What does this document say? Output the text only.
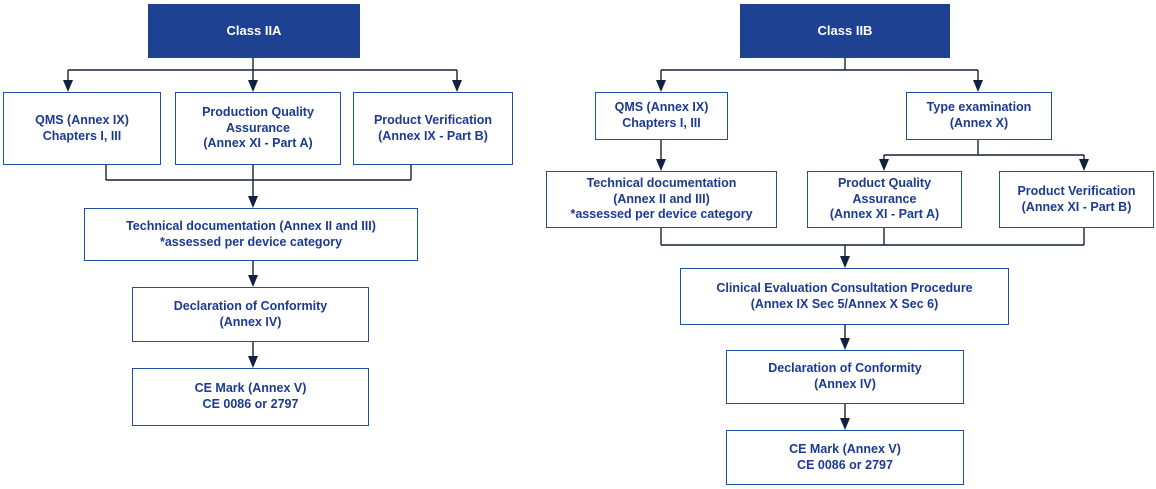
Class IIA
QMS (Annex IX)
Chapters I, III
Production Quality
Assurance
(Annex XI - Part A)
Product Verification
(Annex IX - Part B)
Technical documentation (Annex II and III)
*assessed per device category
Declaration of Conformity
(Annex IV)
CE Mark (Annex V)
CE 0086 or 2797
Class IIB
QMS (Annex IX)
Chapters I, III
Type examination
(Annex X)
Technical documentation
(Annex II and III)
*assessed per device category
Product Quality
Assurance
(Annex XI - Part A)
Product Verification
(Annex XI - Part B)
Clinical Evaluation Consultation Procedure
(Annex IX Sec 5/Annex X Sec 6)
Declaration of Conformity
(Annex IV)
CE Mark (Annex V)
CE 0086 or 2797
